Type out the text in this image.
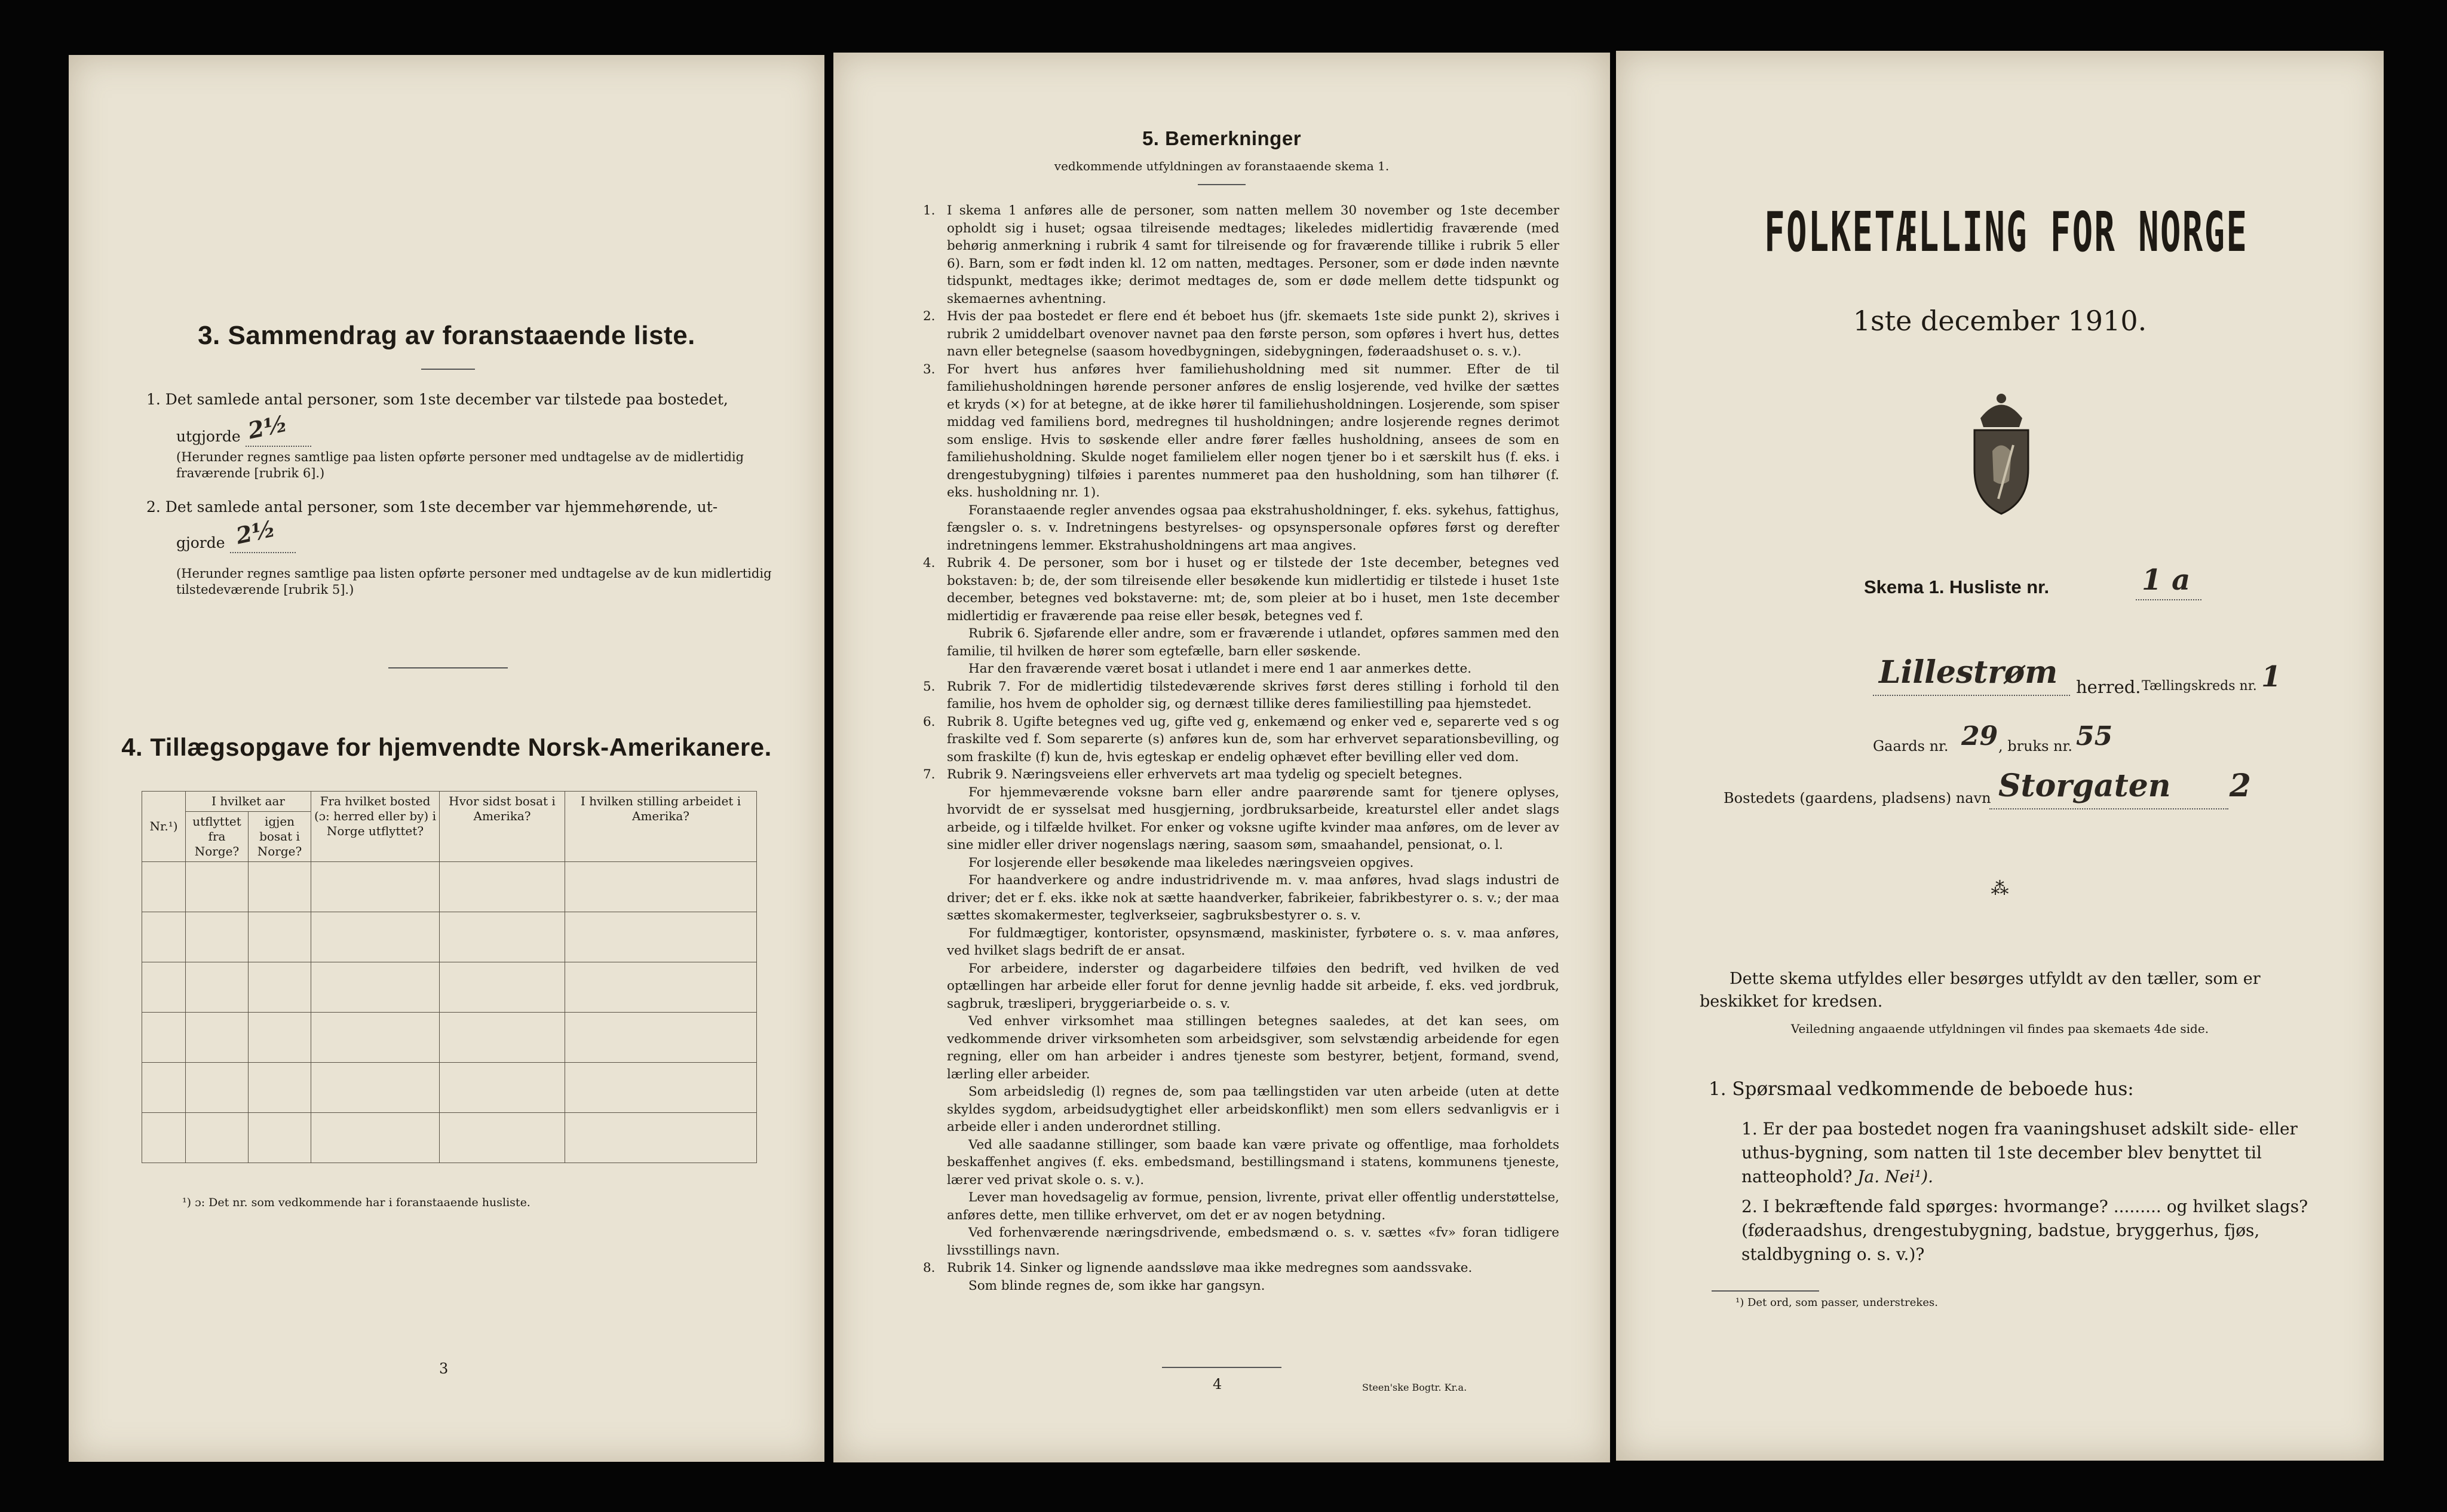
3. Sammendrag av foranstaaende liste.
1. Det samlede antal personer, som 1ste december var tilstede paa bostedet,
utgjorde 2½
(Herunder regnes samtlige paa listen opførte personer med undtagelse av de midlertidig fraværende [rubrik 6].)
2. Det samlede antal personer, som 1ste december var hjemmehørende, ut-
gjorde 2½
(Herunder regnes samtlige paa listen opførte personer med undtagelse av de kun midlertidig tilstedeværende [rubrik 5].)
4. Tillægsopgave for hjemvendte Norsk-Amerikanere.
Nr.¹)	I hvilket aar		Fra hvilket bosted (ɔ: herred eller by) i Norge utflyttet?	Hvor sidst bosat i Amerika?	I hvilken stilling arbeidet i Amerika?
	utflyttet fra Norge?	igjen bosat i Norge?			

¹) ɔ: Det nr. som vedkommende har i foranstaaende husliste.
3
5. Bemerkninger
vedkommende utfyldningen av foranstaaende skema 1.

1. I skema 1 anføres alle de personer, som natten mellem 30 november og 1ste december opholdt sig i huset; ogsaa tilreisende medtages; likeledes midlertidig fraværende (med behørig anmerkning i rubrik 4 samt for tilreisende og for fraværende tillike i rubrik 5 eller 6). Barn, som er født inden kl. 12 om natten, medtages. Personer, som er døde inden nævnte tidspunkt, medtages ikke; derimot medtages de, som er døde mellem dette tidspunkt og skemaernes avhentning.

2. Hvis der paa bostedet er flere end ét beboet hus (jfr. skemaets 1ste side punkt 2), skrives i rubrik 2 umiddelbart ovenover navnet paa den første person, som opføres i hvert hus, dettes navn eller betegnelse (saasom hovedbygningen, sidebygningen, føderaadshuset o. s. v.).

3. For hvert hus anføres hver familiehusholdning med sit nummer. Efter de til familiehusholdningen hørende personer anføres de enslig losjerende, ved hvilke der sættes et kryds (×) for at betegne, at de ikke hører til familiehusholdningen. Losjerende, som spiser middag ved familiens bord, medregnes til husholdningen; andre losjerende regnes derimot som enslige. Hvis to søskende eller andre fører fælles husholdning, ansees de som en familiehusholdning. Skulde noget familielem eller nogen tjener bo i et særskilt hus (f. eks. i drengestubygning) tilføies i parentes nummeret paa den husholdning, som han tilhører (f. eks. husholdning nr. 1).

Foranstaaende regler anvendes ogsaa paa ekstrahusholdninger, f. eks. sykehus, fattighus, fængsler o. s. v. Indretningens bestyrelses- og opsynspersonale opføres først og derefter indretningens lemmer. Ekstrahusholdningens art maa angives.

4. Rubrik 4. De personer, som bor i huset og er tilstede der 1ste december, betegnes ved bokstaven: b; de, der som tilreisende eller besøkende kun midlertidig er tilstede i huset 1ste december, betegnes ved bokstaverne: mt; de, som pleier at bo i huset, men 1ste december midlertidig er fraværende paa reise eller besøk, betegnes ved f.

Rubrik 6. Sjøfarende eller andre, som er fraværende i utlandet, opføres sammen med den familie, til hvilken de hører som egtefælle, barn eller søskende.

Har den fraværende været bosat i utlandet i mere end 1 aar anmerkes dette.

5. Rubrik 7. For de midlertidig tilstedeværende skrives først deres stilling i forhold til den familie, hos hvem de opholder sig, og dernæst tillike deres familiestilling paa hjemstedet.

6. Rubrik 8. Ugifte betegnes ved ug, gifte ved g, enkemænd og enker ved e, separerte ved s og fraskilte ved f. Som separerte (s) anføres kun de, som har erhvervet separationsbevilling, og som fraskilte (f) kun de, hvis egteskap er endelig ophævet efter bevilling eller ved dom.

7. Rubrik 9. Næringsveiens eller erhvervets art maa tydelig og specielt betegnes.

For hjemmeværende voksne barn eller andre paarørende samt for tjenere oplyses, hvorvidt de er sysselsat med husgjerning, jordbruksarbeide, kreaturstel eller andet slags arbeide, og i tilfælde hvilket. For enker og voksne ugifte kvinder maa anføres, om de lever av sine midler eller driver nogenslags næring, saasom søm, smaahandel, pensionat, o. l.

For losjerende eller besøkende maa likeledes næringsveien opgives.

For haandverkere og andre industridrivende m. v. maa anføres, hvad slags industri de driver; det er f. eks. ikke nok at sætte haandverker, fabrikeier, fabrikbestyrer o. s. v.; der maa sættes skomakermester, teglverkseier, sagbruksbestyrer o. s. v.

For fuldmægtiger, kontorister, opsynsmænd, maskinister, fyrbøtere o. s. v. maa anføres, ved hvilket slags bedrift de er ansat.

For arbeidere, inderster og dagarbeidere tilføies den bedrift, ved hvilken de ved optællingen har arbeide eller forut for denne jevnlig hadde sit arbeide, f. eks. ved jordbruk, sagbruk, træsliperi, bryggeriarbeide o. s. v.

Ved enhver virksomhet maa stillingen betegnes saaledes, at det kan sees, om vedkommende driver virksomheten som arbeidsgiver, som selvstændig arbeidende for egen regning, eller om han arbeider i andres tjeneste som bestyrer, betjent, formand, svend, lærling eller arbeider.

Som arbeidsledig (l) regnes de, som paa tællingstiden var uten arbeide (uten at dette skyldes sygdom, arbeidsudygtighet eller arbeidskonflikt) men som ellers sedvanligvis er i arbeide eller i anden underordnet stilling.

Ved alle saadanne stillinger, som baade kan være private og offentlige, maa forholdets beskaffenhet angives (f. eks. embedsmand, bestillingsmand i statens, kommunens tjeneste, lærer ved privat skole o. s. v.).

Lever man hovedsagelig av formue, pension, livrente, privat eller offentlig understøttelse, anføres dette, men tillike erhvervet, om det er av nogen betydning.

Ved forhenværende næringsdrivende, embedsmænd o. s. v. sættes «fv» foran tidligere livsstillings navn.

8. Rubrik 14. Sinker og lignende aandssløve maa ikke medregnes som aandssvake.

Som blinde regnes de, som ikke har gangsyn.

4	Steen'ske Bogtr. Kr.a.
FOLKETÆLLING FOR NORGE
1ste december 1910.
Skema 1. Husliste nr.	1 a
Lillestrøm herred. Tællingskreds nr. 1
Gaards nr. 29 , bruks nr. 55
Bostedets (gaardens, pladsens) navn Storgaten 2
⁂
Dette skema utfyldes eller besørges utfyldt av den tæller, som er beskikket for kredsen.
Veiledning angaaende utfyldningen vil findes paa skemaets 4de side.
1. Spørsmaal vedkommende de beboede hus:
1. Er der paa bostedet nogen fra vaaningshuset adskilt side- eller uthus-bygning, som natten til 1ste december blev benyttet til natteophold? Ja. Nei¹).
2. I bekræftende fald spørges: hvormange? ......... og hvilket slags? (føderaadshus, drengestubygning, badstue, bryggerhus, fjøs, staldbygning o. s. v.)?
¹) Det ord, som passer, understrekes.
